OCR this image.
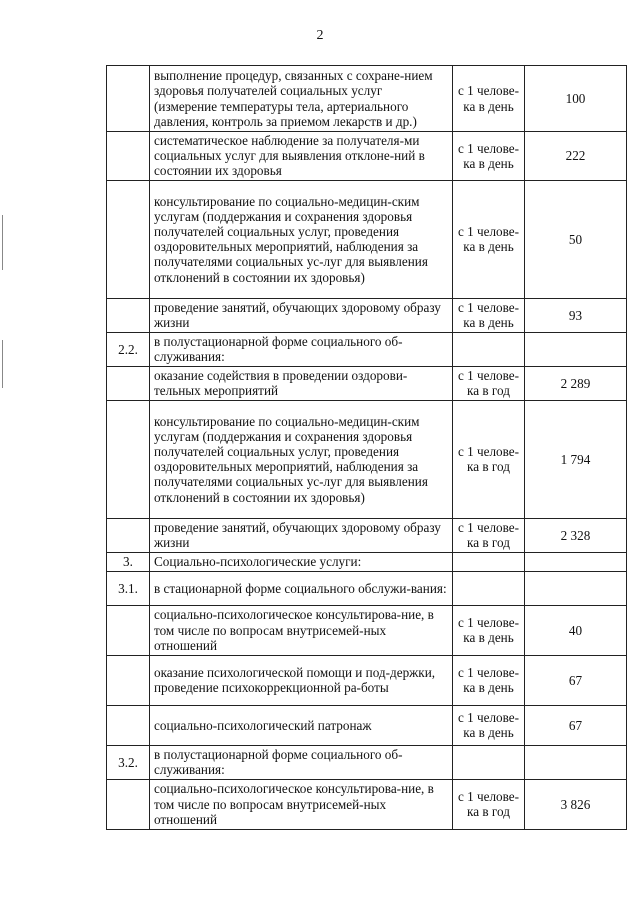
2
	выполнение процедур, связанных с сохране-нием здоровья получателей социальных услуг (измерение температуры тела, артериального давления, контроль за приемом лекарств и др.)	с 1 челове-ка в день	100
	систематическое наблюдение за получателя-ми социальных услуг для выявления отклоне-ний в состоянии их здоровья	с 1 челове-ка в день	222
	консультирование по социально-медицин-ским услугам (поддержания и сохранения здоровья получателей социальных услуг, проведения оздоровительных мероприятий, наблюдения за получателями социальных ус-луг для выявления отклонений в состоянии их здоровья)	с 1 челове-ка в день	50
	проведение занятий, обучающих здоровому образу жизни	с 1 челове-ка в день	93
2.2.	в полустационарной форме социального об-служивания:		
	оказание содействия в проведении оздорови-тельных мероприятий	с 1 челове-ка в год	2 289
	консультирование по социально-медицин-ским услугам (поддержания и сохранения здоровья получателей социальных услуг, проведения оздоровительных мероприятий, наблюдения за получателями социальных ус-луг для выявления отклонений в состоянии их здоровья)	с 1 челове-ка в год	1 794
	проведение занятий, обучающих здоровому образу жизни	с 1 челове-ка в год	2 328
3.	Социально-психологические услуги:		
3.1.	в стационарной форме социального обслужи-вания:		
	социально-психологическое консультирова-ние, в том числе по вопросам внутрисемей-ных отношений	с 1 челове-ка в день	40
	оказание психологической помощи и под-держки, проведение психокоррекционной ра-боты	с 1 челове-ка в день	67
	социально-психологический патронаж	с 1 челове-ка в день	67
3.2.	в полустационарной форме социального об-служивания:		
	социально-психологическое консультирова-ние, в том числе по вопросам внутрисемей-ных отношений	с 1 челове-ка в год	3 826
